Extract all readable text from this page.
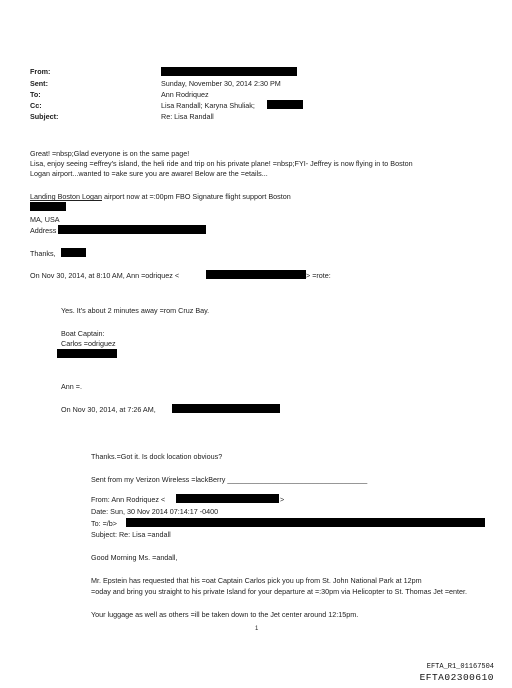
From:
Sent:	Sunday, November 30, 2014 2:30 PM
To:	Ann Rodriquez
Cc:	Lisa Randall; Karyna Shuliak;
Subject:	Re: Lisa Randall
Great! =nbsp;Glad everyone is on the same page!
Lisa, enjoy seeing =effrey's island, the heli ride and trip on his private plane! =nbsp;FYI- Jeffrey is now flying in to Boston
Logan airport...wanted to =ake sure you are aware! Below are the =etails...
Landing Boston Logan airport now at =:00pm FBO Signature flight support Boston
MA, USA
Address
Thanks,
On Nov 30, 2014, at 8:10 AM, Ann =odriquez <	> =rote:
Yes. It's about 2 minutes away =rom Cruz Bay.
Boat Captain:
Carlos =odriguez
Ann =.
On Nov 30, 2014, at 7:26 AM,
Thanks.=Got it. Is dock location obvious?
Sent from my Verizon Wireless =lackBerry ___________________________________
From: Ann Rodriquez <	>
Date: Sun, 30 Nov 2014 07:14:17 -0400
To: =/b>
Subject: Re: Lisa =andall
Good Morning Ms. =andall,
Mr. Epstein has requested that his =oat Captain Carlos pick you up from St. John National Park at 12pm
=oday and bring you straight to his private Island for your departure at =:30pm via Helicopter to St. Thomas Jet =enter.
Your luggage as well as others =ill be taken down to the Jet center around 12:15pm.
1
EFTA_R1_01167504
EFTA02300610
